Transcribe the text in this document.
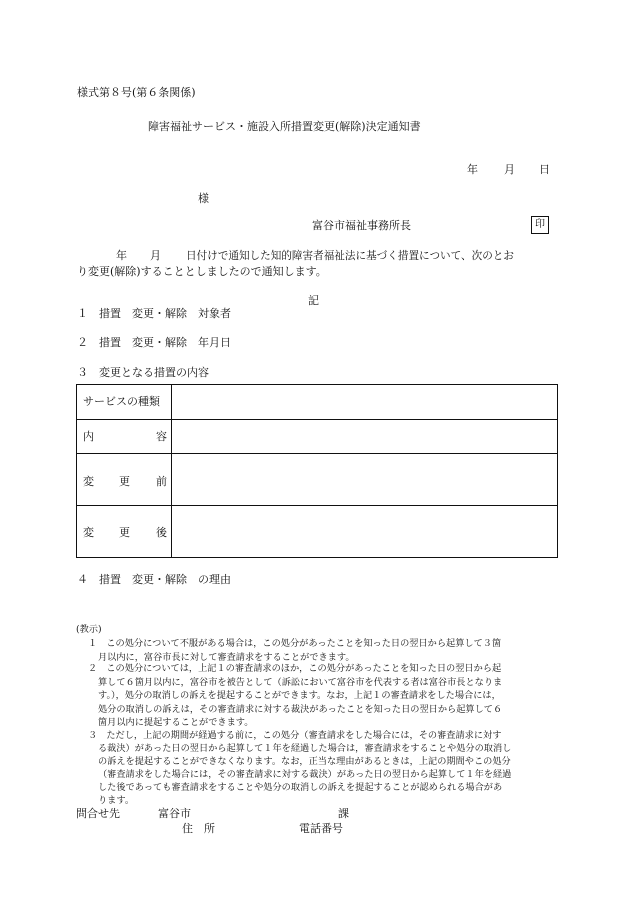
様式第８号(第６条関係)
障害福祉サービス・施設入所措置変更(解除)決定通知書
年 月 日
様
富谷市福祉事務所長	印
年 月 日付けで通知した知的障害者福祉法に基づく措置について、次のとお
り変更(解除)することとしましたので通知します。
記
１　措置　変更・解除　対象者
２　措置　変更・解除　年月日
３　変更となる措置の内容
サービスの種類
内	容
変 更 前
変 更 後
４　措置　変更・解除　の理由
(教示)
１　この処分について不服がある場合は，この処分があったことを知った日の翌日から起算して３箇
月以内に，富谷市長に対して審査請求をすることができます。
２　この処分については，上記１の審査請求のほか，この処分があったことを知った日の翌日から起
算して６箇月以内に，富谷市を被告として（訴訟において富谷市を代表する者は富谷市長となりま
す。），処分の取消しの訴えを提起することができます。なお，上記１の審査請求をした場合には，
処分の取消しの訴えは，その審査請求に対する裁決があったことを知った日の翌日から起算して６
箇月以内に提起することができます。
３　ただし，上記の期間が経過する前に，この処分（審査請求をした場合には，その審査請求に対す
る裁決）があった日の翌日から起算して１年を経過した場合は，審査請求をすることや処分の取消し
の訴えを提起することができなくなります。なお，正当な理由があるときは，上記の期間やこの処分
（審査請求をした場合には，その審査請求に対する裁決）があった日の翌日から起算して１年を経過
した後であっても審査請求をすることや処分の取消しの訴えを提起することが認められる場合があ
ります。
問合せ先	富谷市	課
住　所	電話番号
